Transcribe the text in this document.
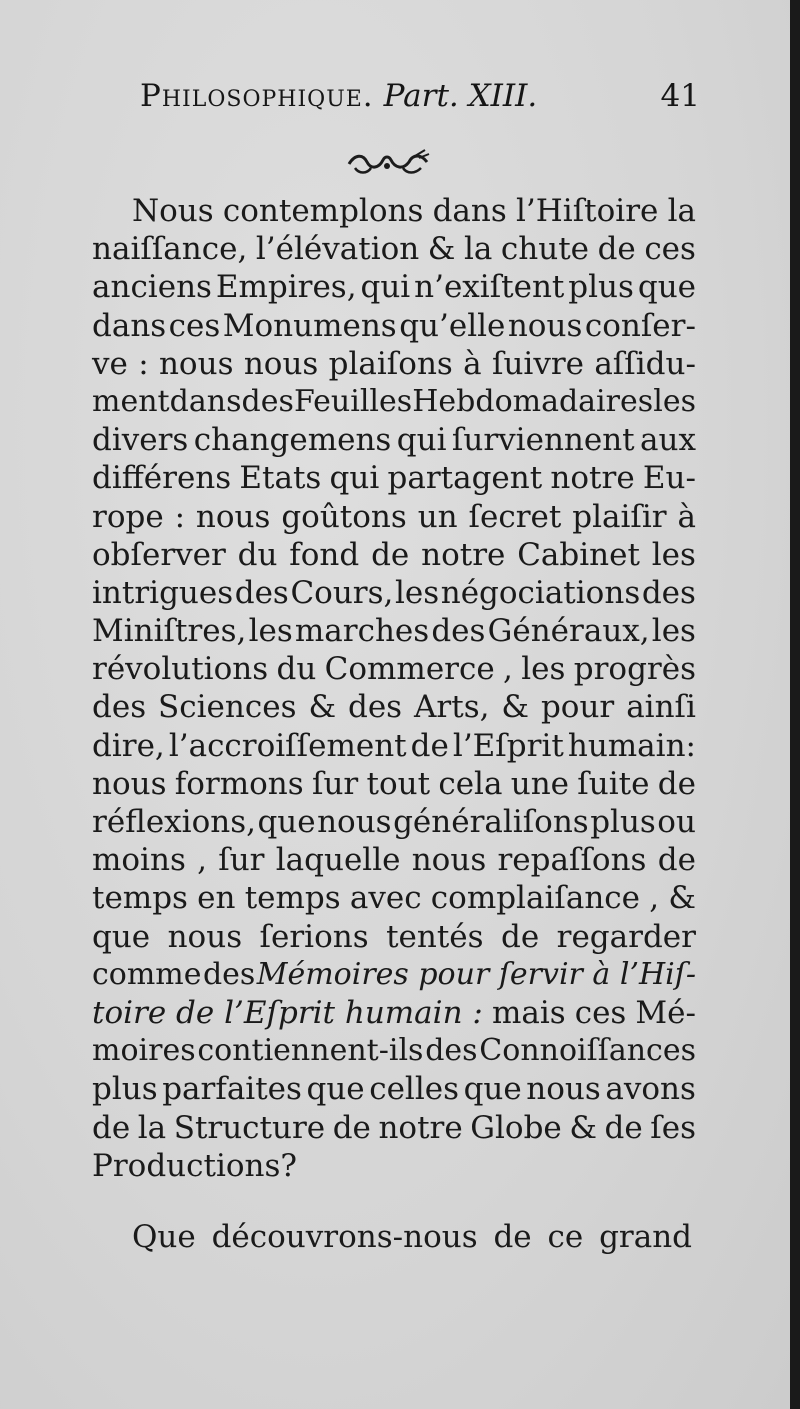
Philosophique. Part. XIII.	41
Nous contemplons dans l’Hiſtoire la
naiſſance, l’élévation & la chute de ces
anciens Empires, qui n’exiſtent plus que
dans ces Monumens qu’elle nous conſer-
ve : nous nous plaiſons à ſuivre aſſidu-
ment dans des Feuilles Hebdomadaires les
divers changemens qui ſurviennent aux
différens Etats qui partagent notre Eu-
rope : nous goûtons un ſecret plaiſir à
obſerver du fond de notre Cabinet les
intrigues des Cours, les négociations des
Miniſtres, les marches des Généraux, les
révolutions du Commerce , les progrès
des Sciences & des Arts, & pour ainſi
dire, l’accroiſſement de l’Eſprit humain:
nous formons ſur tout cela une ſuite de
réflexions, que nous généraliſons plus ou
moins , ſur laquelle nous repaſſons de
temps en temps avec complaiſance , &
que nous ſerions tentés de regarder
comme des Mémoires pour ſervir à l’Hiſ-
toire de l’Eſprit humain : mais ces Mé-
moires contiennent-ils des Connoiſſances
plus parfaites que celles que nous avons
de la Structure de notre Globe & de ſes
Productions?
Que découvrons-nous de ce grand
